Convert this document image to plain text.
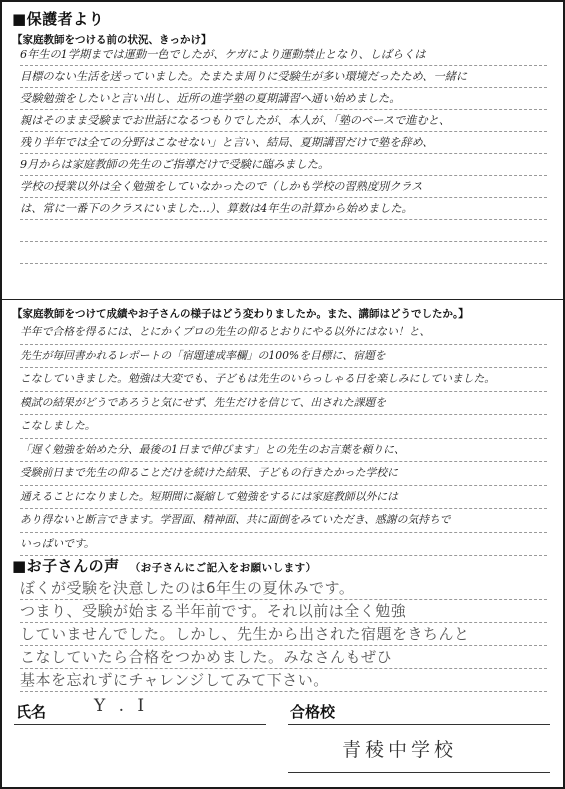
■保護者より
【家庭教師をつける前の状況、きっかけ】
6年生の1学期までは運動一色でしたが、ケガにより運動禁止となり、しばらくは
目標のない生活を送っていました。たまたま周りに受験生が多い環境だったため、一緒に
受験勉強をしたいと言い出し、近所の進学塾の夏期講習へ通い始めました。
親はそのまま受験までお世話になるつもりでしたが、本人が、「塾のペースで進むと、
残り半年では全ての分野はこなせない」と言い、結局、夏期講習だけで塾を辞め、
9月からは家庭教師の先生のご指導だけで受験に臨みました。
学校の授業以外は全く勉強をしていなかったので（しかも学校の習熟度別クラス
は、常に一番下のクラスにいました…）、算数は4年生の計算から始めました。
【家庭教師をつけて成績やお子さんの様子はどう変わりましたか。また、講師はどうでしたか。】
半年で合格を得るには、とにかくプロの先生の仰るとおりにやる以外にはない！と、
先生が毎回書かれるレポートの「宿題達成率欄」の100%を目標に、宿題を
こなしていきました。勉強は大変でも、子どもは先生のいらっしゃる日を楽しみにしていました。
模試の結果がどうであろうと気にせず、先生だけを信じて、出された課題を
こなしました。
「遅く勉強を始めた分、最後の1日まで伸びます」との先生のお言葉を頼りに、
受験前日まで先生の仰ることだけを続けた結果、子どもの行きたかった学校に
通えることになりました。短期間に凝縮して勉強をするには家庭教師以外には
あり得ないと断言できます。学習面、精神面、共に面倒をみていただき、感謝の気持ちで
いっぱいです。
■お子さんの声 （お子さんにご記入をお願いします）
ぼくが受験を決意したのは6年生の夏休みです。
つまり、受験が始まる半年前です。それ以前は全く勉強
していませんでした。しかし、先生から出された宿題をきちんと
こなしていたら合格をつかめました。みなさんもぜひ
基本を忘れずにチャレンジしてみて下さい。
氏名	Y . I	合格校
青稜中学校
